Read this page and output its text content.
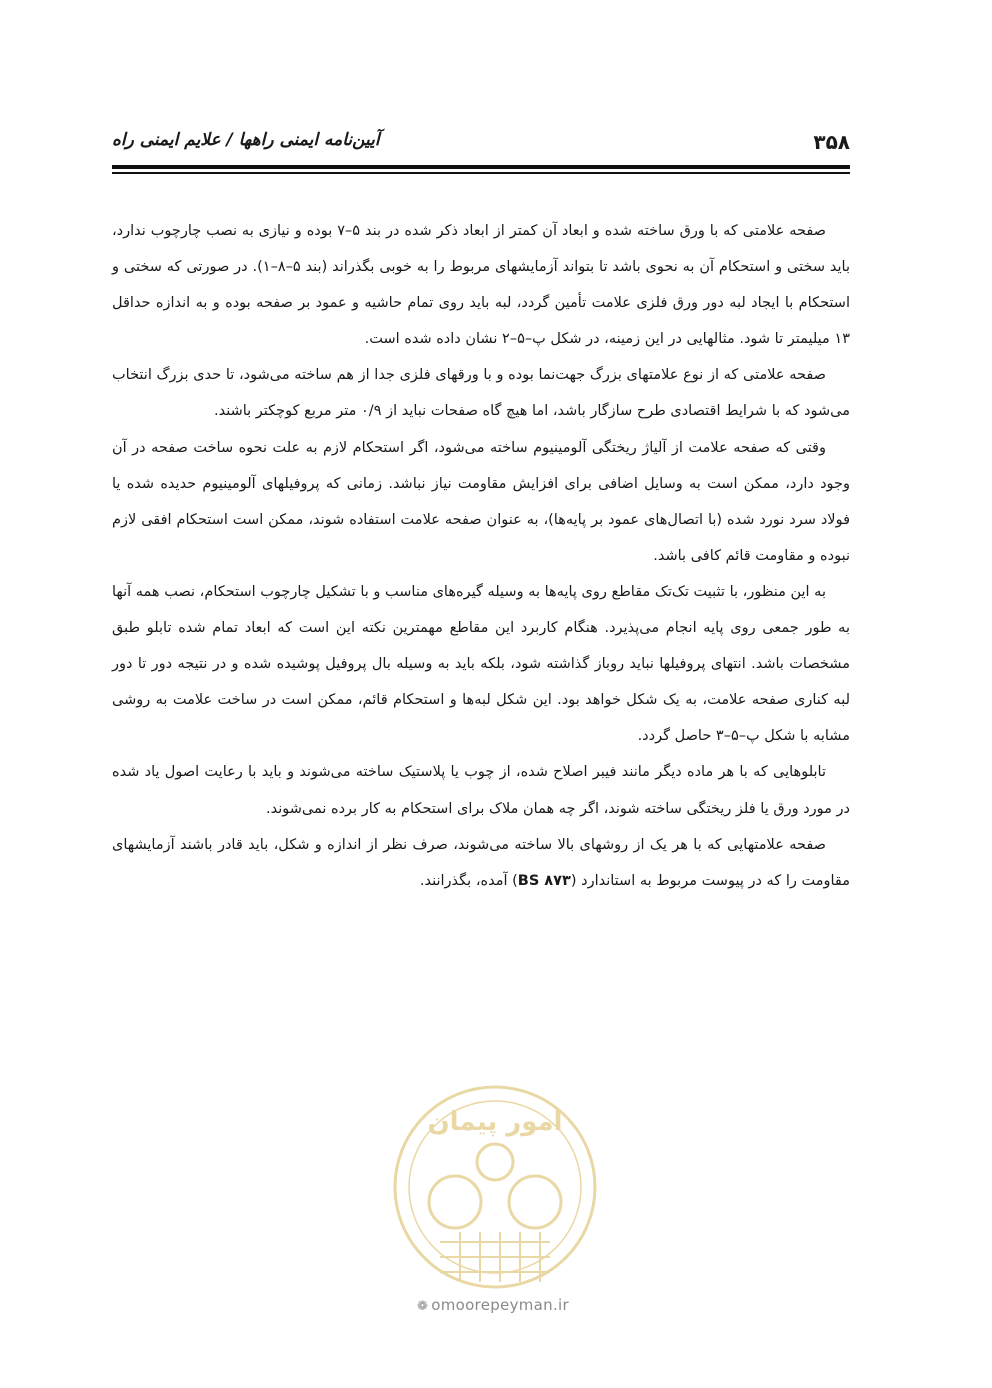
۳۵۸
آیین‌نامه ایمنی راهها / علایم ایمنی راه

صفحه علامتی که با ورق ساخته شده و ابعاد آن کمتر از ابعاد ذکر شده در بند ۵–۷ بوده و نیازی به نصب چارچوب ندارد، باید سختی و استحکام آن به نحوی باشد تا بتواند آزمایشهای مربوط را به خوبی بگذراند (بند ۵–۸–۱). در صورتی که سختی و استحکام با ایجاد لبه دور ورق فلزی علامت تأمین گردد، لبه باید روی تمام حاشیه و عمود بر صفحه بوده و به اندازه حداقل ۱۳ میلیمتر تا شود. مثالهایی در این زمینه، در شکل پ–۵–۲ نشان داده شده است.

صفحه علامتی که از نوع علامتهای بزرگ جهت‌نما بوده و با ورقهای فلزی جدا از هم ساخته می‌شود، تا حدی بزرگ انتخاب می‌شود که با شرایط اقتصادی طرح سازگار باشد، اما هیچ گاه صفحات نباید از ۰/۹ متر مربع کوچکتر باشند.

وقتی که صفحه علامت از آلیاژ ریختگی آلومینیوم ساخته می‌شود، اگر استحکام لازم به علت نحوه ساخت صفحه در آن وجود دارد، ممکن است به وسایل اضافی برای افزایش مقاومت نیاز نباشد. زمانی که پروفیلهای آلومینیوم حدیده شده یا فولاد سرد نورد شده (با اتصال‌های عمود بر پایه‌ها)، به عنوان صفحه علامت استفاده شوند، ممکن است استحکام افقی لازم نبوده و مقاومت قائم کافی باشد.

به این منظور، با تثبیت تک‌تک مقاطع روی پایه‌ها به وسیله گیره‌های مناسب و با تشکیل چارچوب استحکام، نصب همه آنها به طور جمعی روی پایه انجام می‌پذیرد. هنگام کاربرد این مقاطع مهمترین نکته این است که ابعاد تمام شده تابلو طبق مشخصات باشد. انتهای پروفیلها نباید روباز گذاشته شود، بلکه باید به وسیله بال پروفیل پوشیده شده و در نتیجه دور تا دور لبه کناری صفحه علامت، به یک شکل خواهد بود. این شکل لبه‌ها و استحکام قائم، ممکن است در ساخت علامت به روشی مشابه با شکل پ–۵–۳ حاصل گردد.

تابلوهایی که با هر ماده دیگر مانند فیبر اصلاح شده، از چوب یا پلاستیک ساخته می‌شوند و باید با رعایت اصول یاد شده در مورد ورق یا فلز ریختگی ساخته شوند، اگر چه همان ملاک برای استحکام به کار برده نمی‌شوند.

صفحه علامتهایی که با هر یک از روشهای بالا ساخته می‌شوند، صرف نظر از اندازه و شکل، باید قادر باشند آزمایشهای مقاومت را که در پیوست مربوط به استاندارد (BS ۸۷۳) آمده، بگذرانند.

امور پیمان
❁ omoorepeyman.ir
